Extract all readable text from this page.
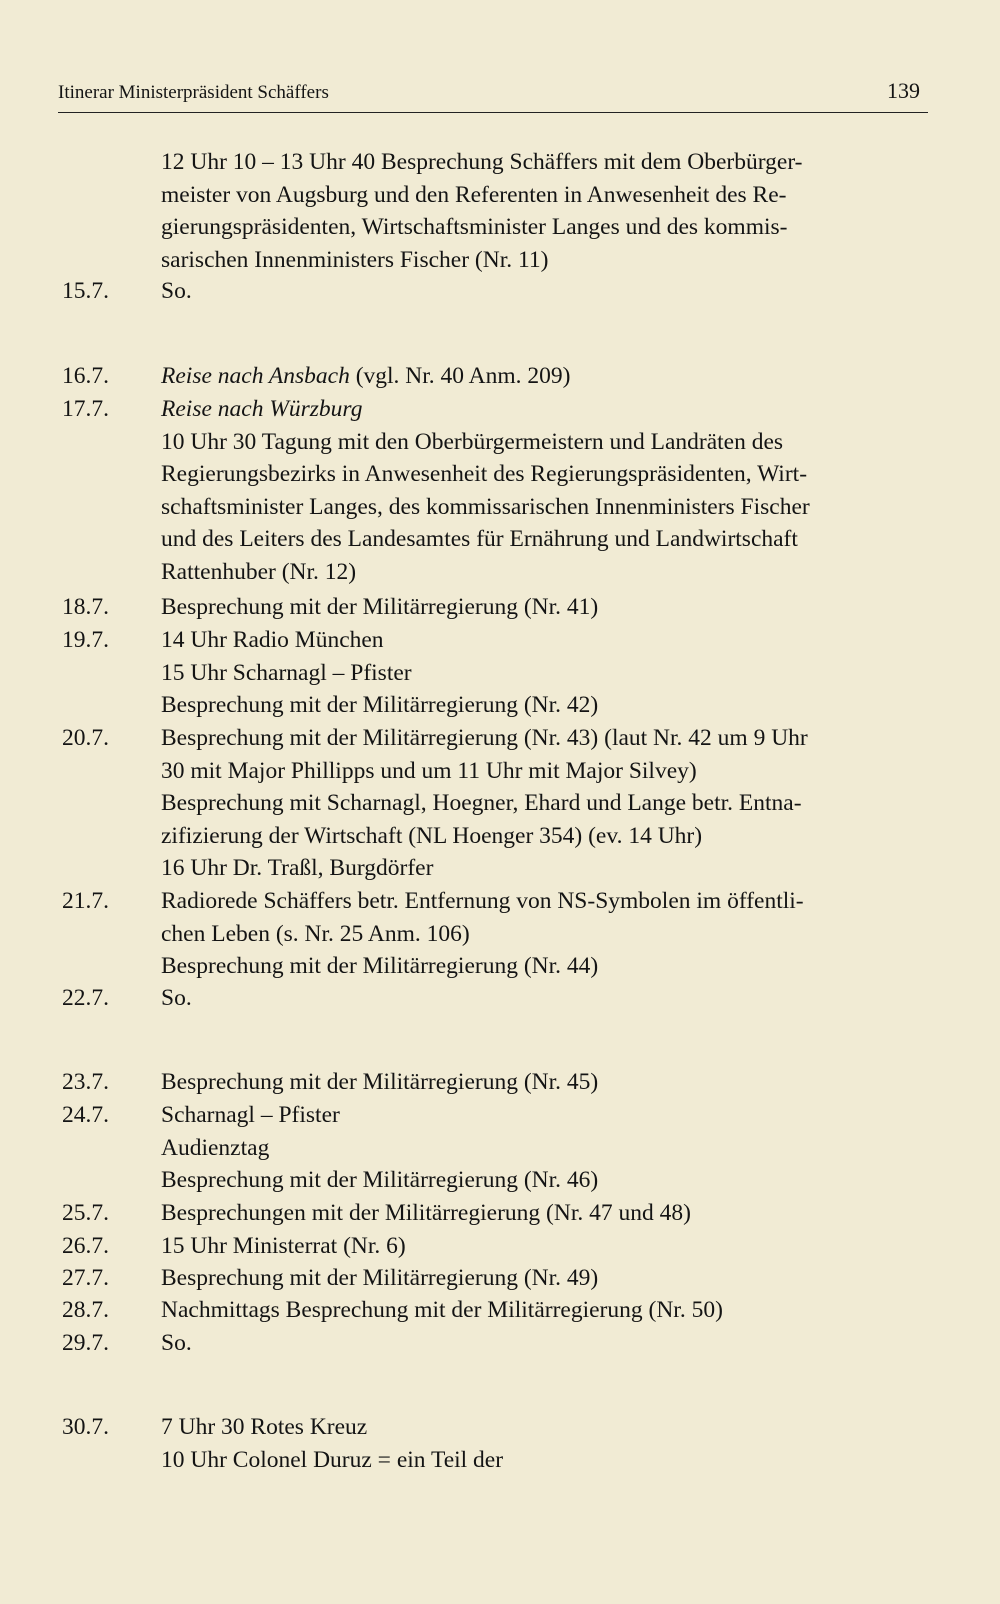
Itinerar Ministerpräsident Schäffers	139
12 Uhr 10 – 13 Uhr 40 Besprechung Schäffers mit dem Oberbürger-
meister von Augsburg und den Referenten in Anwesenheit des Re-
gierungspräsidenten, Wirtschaftsminister Langes und des kommis-
sarischen Innenministers Fischer (Nr. 11)
15.7. So.
16.7. Reise nach Ansbach (vgl. Nr. 40 Anm. 209)
17.7. Reise nach Würzburg
10 Uhr 30 Tagung mit den Oberbürgermeistern und Landräten des
Regierungsbezirks in Anwesenheit des Regierungspräsidenten, Wirt-
schaftsminister Langes, des kommissarischen Innenministers Fischer
und des Leiters des Landesamtes für Ernährung und Landwirtschaft
Rattenhuber (Nr. 12)
18.7. Besprechung mit der Militärregierung (Nr. 41)
19.7. 14 Uhr Radio München
15 Uhr Scharnagl – Pfister
Besprechung mit der Militärregierung (Nr. 42)
20.7. Besprechung mit der Militärregierung (Nr. 43) (laut Nr. 42 um 9 Uhr
30 mit Major Phillipps und um 11 Uhr mit Major Silvey)
Besprechung mit Scharnagl, Hoegner, Ehard und Lange betr. Entna-
zifizierung der Wirtschaft (NL Hoenger 354) (ev. 14 Uhr)
16 Uhr Dr. Traßl, Burgdörfer
21.7. Radiorede Schäffers betr. Entfernung von NS-Symbolen im öffentli-
chen Leben (s. Nr. 25 Anm. 106)
Besprechung mit der Militärregierung (Nr. 44)
22.7. So.
23.7. Besprechung mit der Militärregierung (Nr. 45)
24.7. Scharnagl – Pfister
Audienztag
Besprechung mit der Militärregierung (Nr. 46)
25.7. Besprechungen mit der Militärregierung (Nr. 47 und 48)
26.7. 15 Uhr Ministerrat (Nr. 6)
27.7. Besprechung mit der Militärregierung (Nr. 49)
28.7. Nachmittags Besprechung mit der Militärregierung (Nr. 50)
29.7. So.
30.7. 7 Uhr 30 Rotes Kreuz
10 Uhr Colonel Duruz = ein Teil der
